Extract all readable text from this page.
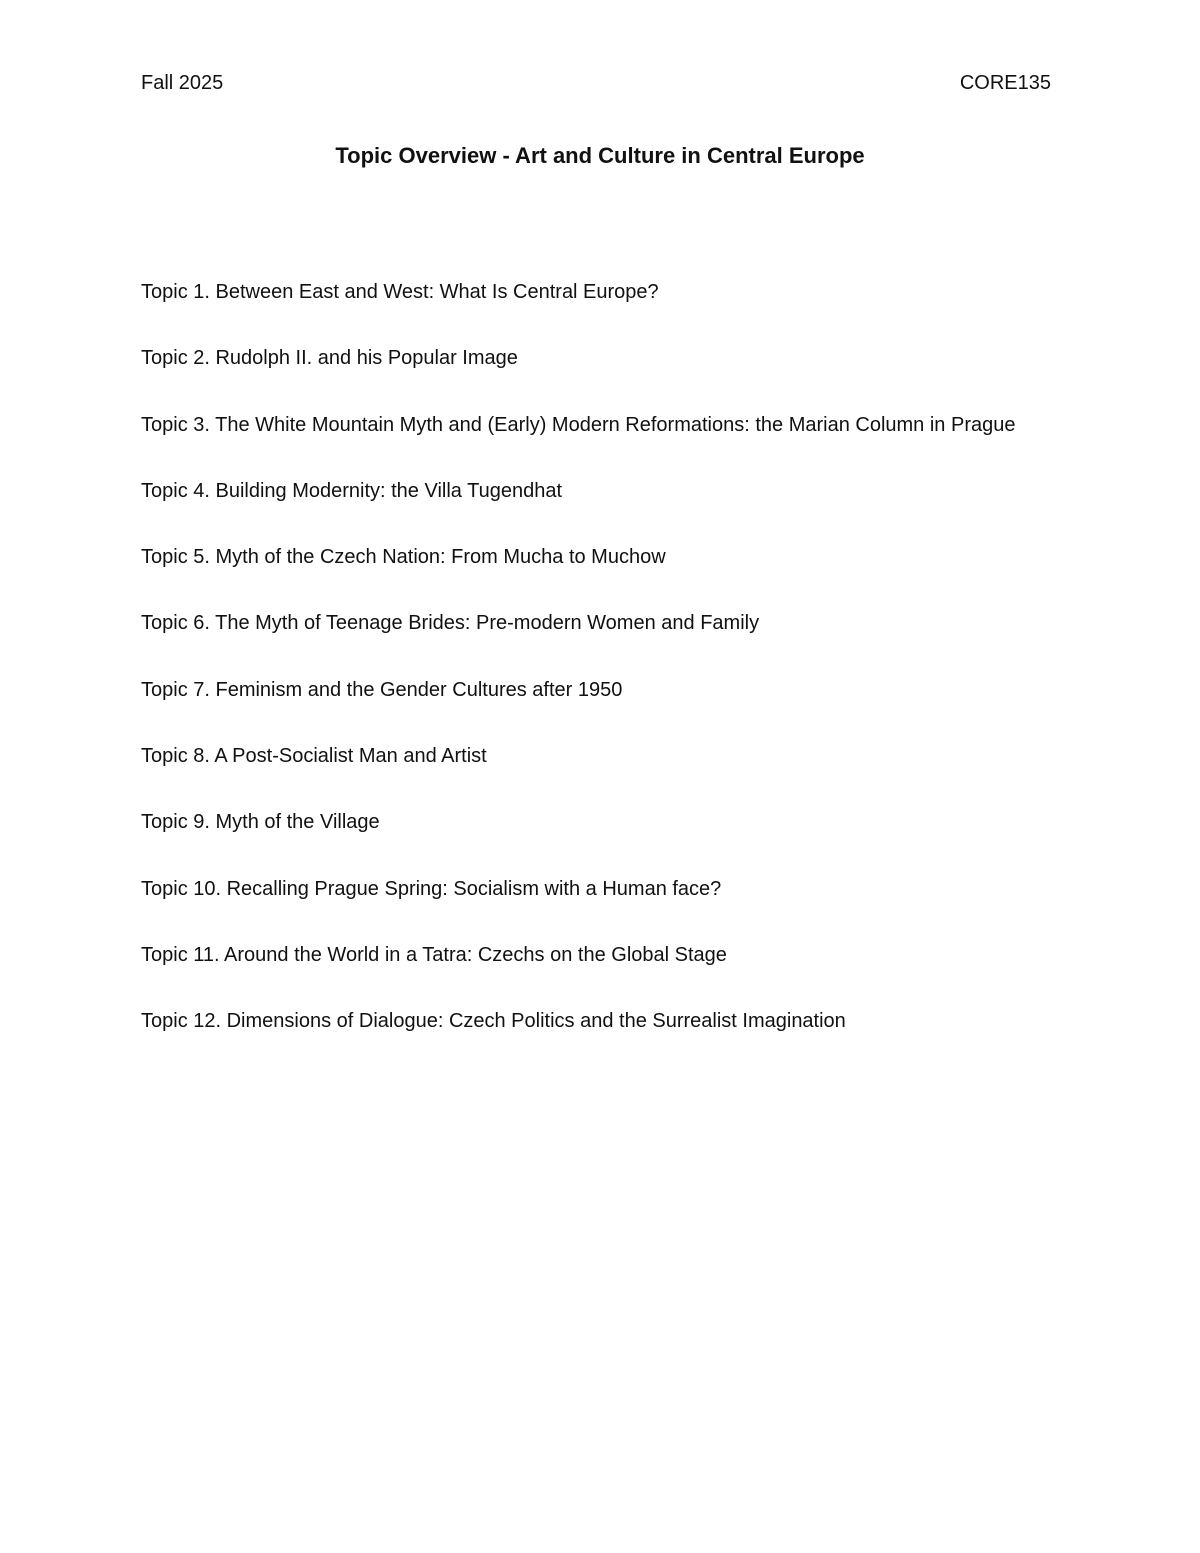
Fall 2025	CORE135
Topic Overview - Art and Culture in Central Europe
Topic 1. Between East and West: What Is Central Europe?
Topic 2. Rudolph II. and his Popular Image
Topic 3. The White Mountain Myth and (Early) Modern Reformations: the Marian Column in Prague
Topic 4. Building Modernity: the Villa Tugendhat
Topic 5. Myth of the Czech Nation: From Mucha to Muchow
Topic 6. The Myth of Teenage Brides: Pre-modern Women and Family
Topic 7. Feminism and the Gender Cultures after 1950
Topic 8. A Post-Socialist Man and Artist
Topic 9. Myth of the Village
Topic 10. Recalling Prague Spring: Socialism with a Human face?
Topic 11. Around the World in a Tatra: Czechs on the Global Stage
Topic 12. Dimensions of Dialogue: Czech Politics and the Surrealist Imagination
